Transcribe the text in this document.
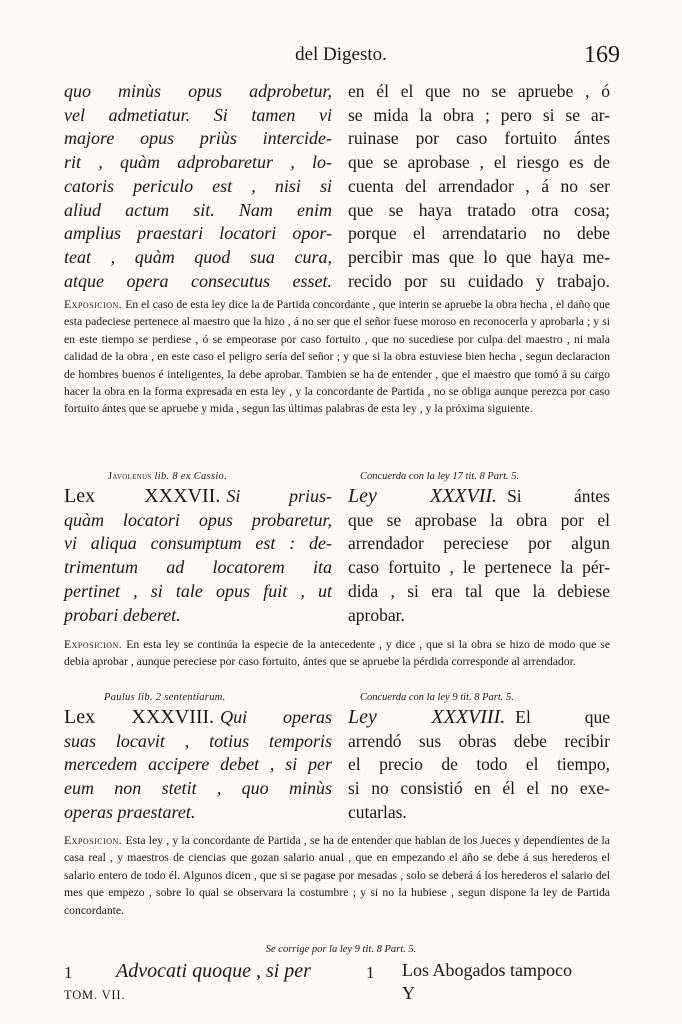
del Digesto.	169
quo minùs opus adprobetur,
vel admetiatur. Si tamen vi
majore opus priùs intercide-
rit , quàm adprobaretur , lo-
catoris periculo est , nisi si
aliud actum sit. Nam enim
amplius praestari locatori opor-
teat , quàm quod sua cura,
atque opera consecutus esset.
en él el que no se apruebe , ó
se mida la obra ; pero si se ar-
ruinase por caso fortuito ántes
que se aprobase , el riesgo es de
cuenta del arrendador , á no ser
que se haya tratado otra cosa;
porque el arrendatario no debe
percibir mas que lo que haya me-
recido por su cuidado y trabajo.
Exposicion. En el caso de esta ley dice la de Partida concordante , que interin se apruebe la obra hecha , el daño que esta padeciese pertenece al maestro que la hizo , á no ser que el señor fuese moroso en reconocerla y aprobarla ; y si en este tiempo se perdiese , ó se empeorase por caso fortuito , que no sucediese por culpa del maestro , ni mala calidad de la obra , en este caso el peligro sería del señor ; y que si la obra estuviese bien hecha , segun declaracion de hombres buenos é inteligentes, la debe aprobar. Tambien se ha de entender , que el maestro que tomó á su cargo hacer la obra en la forma expresada en esta ley , y la concordante de Partida , no se obliga aunque perezca por caso fortuito ántes que se apruebe y mida , segun las últimas palabras de esta ley , y la próxima siguiente.
Javolenus lib. 8 ex Cassio.	Concuerda con la ley 17 tit. 8 Part. 5.
Lex XXXVII. Si prius-
quàm locatori opus probaretur,
vi aliqua consumptum est : de-
trimentum ad locatorem ita
pertinet , si tale opus fuit , ut
probari deberet.
Ley XXXVII. Si ántes
que se aprobase la obra por el
arrendador pereciese por algun
caso fortuito , le pertenece la pér-
dida , si era tal que la debiese
aprobar.
Exposicion. En esta ley se continúa la especie de la antecedente , y dice , que si la obra se hizo de modo que se debia aprobar , aunque pereciese por caso fortuito, ántes que se apruebe la pérdida corresponde al arrendador.
Paulus lib. 2 sententiarum.	Concuerda con la ley 9 tit. 8 Part. 5.
Lex XXXVIII. Qui operas
suas locavit , totius temporis
mercedem accipere debet , si per
eum non stetit , quo minùs
operas praestaret.
Ley XXXVIII. El que
arrendó sus obras debe recibir
el precio de todo el tiempo,
si no consistió en él el no exe-
cutarlas.
Exposicion. Esta ley , y la concordante de Partida , se ha de entender que hablan de los Jueces y dependientes de la casa real , y maestros de ciencias que gozan salario anual , que en empezando el año se debe á sus herederos el salario entero de todo él. Algunos dicen , que si se pagase por mesadas , solo se deberá á los herederos el salario del mes que empezo , sobre lo qual se observara la costumbre ; y si no la hubiese , segun dispone la ley de Partida concordante.
Se corrige por la ley 9 tit. 8 Part. 5.
1 Advocati quoque , si per	1 Los Abogados tampoco
Y
TOM. VII.
